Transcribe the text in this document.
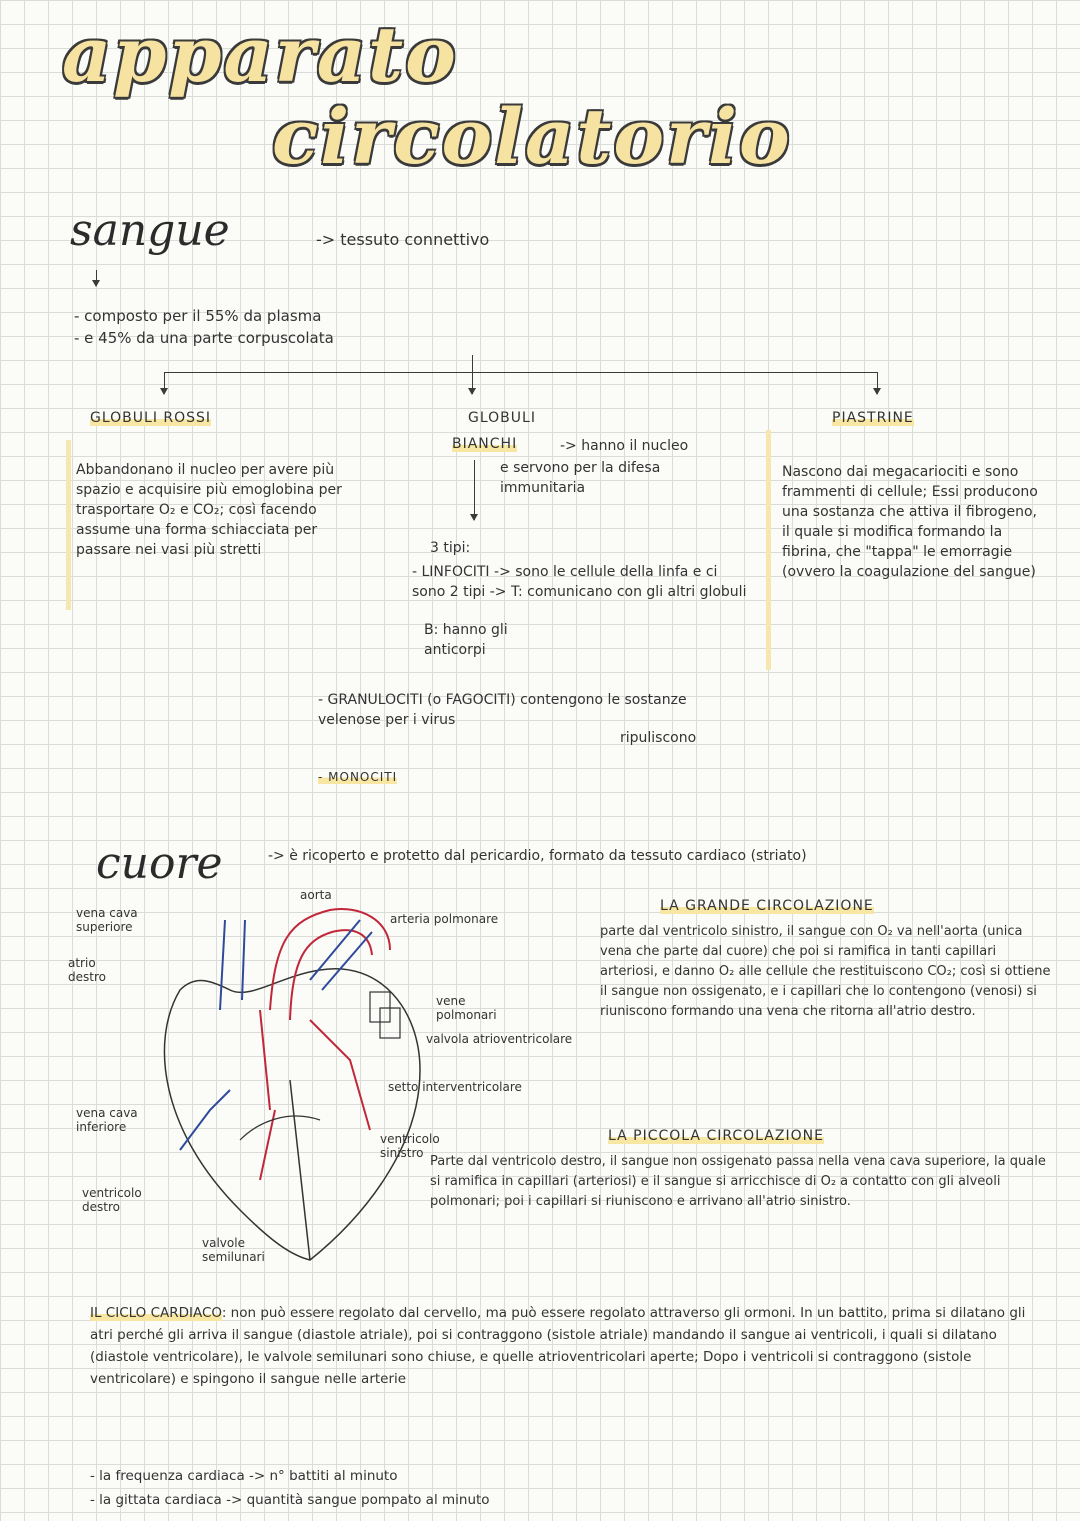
apparato
circolatorio
sangue	-> tessuto connettivo
- composto per il 55% da plasma
- e 45% da una parte corpuscolata
GLOBULI ROSSI
Abbandonano il nucleo per avere più spazio e acquisire più emoglobina per trasportare O₂ e CO₂; così facendo assume una forma schiacciata per passare nei vasi più stretti
GLOBULI
BIANCHI	-> hanno il nucleo
e servono per la difesa immunitaria
3 tipi:
- LINFOCITI -> sono le cellule della linfa e ci sono 2 tipi -> T: comunicano con gli altri globuli
B: hanno gli anticorpi
- GRANULOCITI (o FAGOCITI) contengono le sostanze velenose per i virus
ripuliscono
- MONOCITI
PIASTRINE
Nascono dai megacariociti e sono frammenti di cellule; Essi producono una sostanza che attiva il fibrogeno, il quale si modifica formando la fibrina, che "tappa" le emorragie (ovvero la coagulazione del sangue)
cuore	-> è ricoperto e protetto dal pericardio, formato da tessuto cardiaco (striato)
vena cava superiore
aorta
arteria polmonare
atrio destro
vene polmonari
valvola atrioventricolare
setto interventricolare
vena cava inferiore
ventricolo sinistro
ventricolo destro
valvole semilunari
LA GRANDE CIRCOLAZIONE
parte dal ventricolo sinistro, il sangue con O₂ va nell'aorta (unica vena che parte dal cuore) che poi si ramifica in tanti capillari arteriosi, e danno O₂ alle cellule che restituiscono CO₂; così si ottiene il sangue non ossigenato, e i capillari che lo contengono (venosi) si riuniscono formando una vena che ritorna all'atrio destro.
LA PICCOLA CIRCOLAZIONE
Parte dal ventricolo destro, il sangue non ossigenato passa nella vena cava superiore, la quale si ramifica in capillari (arteriosi) e il sangue si arricchisce di O₂ a contatto con gli alveoli polmonari; poi i capillari si riuniscono e arrivano all'atrio sinistro.
IL CICLO CARDIACO: non può essere regolato dal cervello, ma può essere regolato attraverso gli ormoni. In un battito, prima si dilatano gli atri perché gli arriva il sangue (diastole atriale), poi si contraggono (sistole atriale) mandando il sangue ai ventricoli, i quali si dilatano (diastole ventricolare), le valvole semilunari sono chiuse, e quelle atrioventricolari aperte; Dopo i ventricoli si contraggono (sistole ventricolare) e spingono il sangue nelle arterie
- la frequenza cardiaca -> n° battiti al minuto
- la gittata cardiaca -> quantità sangue pompato al minuto
